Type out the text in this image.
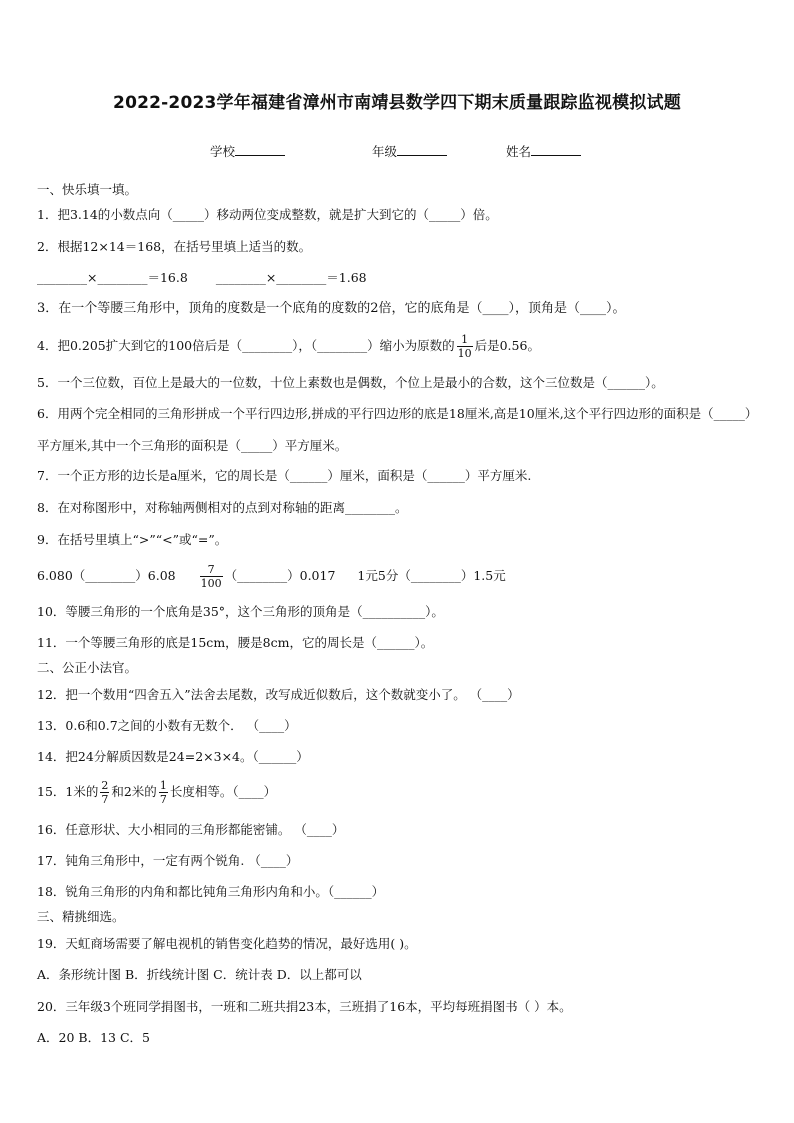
2022-2023学年福建省漳州市南靖县数学四下期末质量跟踪监视模拟试题
学校	年级	姓名
一、快乐填一填。
1．把3.14的小数点向（_____）移动两位变成整数，就是扩大到它的（_____）倍。
2．根据12×14＝168，在括号里填上适当的数。
________×________＝16.8 ________×________＝1.68
3．在一个等腰三角形中，顶角的度数是一个底角的度数的2倍，它的底角是（____），顶角是（____）。
4．把0.205扩大到它的100倍后是（________），（________）缩小为原数的 $\frac{1}{10}$ 后是0.56。
5．一个三位数，百位上是最大的一位数，十位上素数也是偶数，个位上是最小的合数，这个三位数是（______）。
6．用两个完全相同的三角形拼成一个平行四边形,拼成的平行四边形的底是18厘米,高是10厘米,这个平行四边形的面积是（_____）平方厘米,其中一个三角形的面积是（_____）平方厘米。
7．一个正方形的边长是a厘米，它的周长是（______）厘米，面积是（______）平方厘米.
8．在对称图形中，对称轴两侧相对的点到对称轴的距离________。
9．在括号里填上“>”“<”或“=”。
6.080（________）6.08 $\frac{7}{100}$ （________）0.017 1元5分（________）1.5元
10．等腰三角形的一个底角是35°，这个三角形的顶角是（__________）。
11．一个等腰三角形的底是15cm，腰是8cm，它的周长是（______）。
二、公正小法官。
12．把一个数用“四舍五入”法舍去尾数，改写成近似数后，这个数就变小了。 （____）
13．0.6和0.7之间的小数有无数个． （____）
14．把24分解质因数是24=2×3×4。（______）
15．1米的 $\frac{2}{7}$ 和2米的 $\frac{1}{7}$ 长度相等。（____）
16．任意形状、大小相同的三角形都能密铺。 （____）
17．钝角三角形中，一定有两个锐角. （____）
18．锐角三角形的内角和都比钝角三角形内角和小。（______）
三、精挑细选。
19．天虹商场需要了解电视机的销售变化趋势的情况，最好选用( )。
A．条形统计图 B．折线统计图 C．统计表 D．以上都可以
20．三年级3个班同学捐图书，一班和二班共捐23本，三班捐了16本，平均每班捐图书（ ）本。
A．20 B．13 C．5
